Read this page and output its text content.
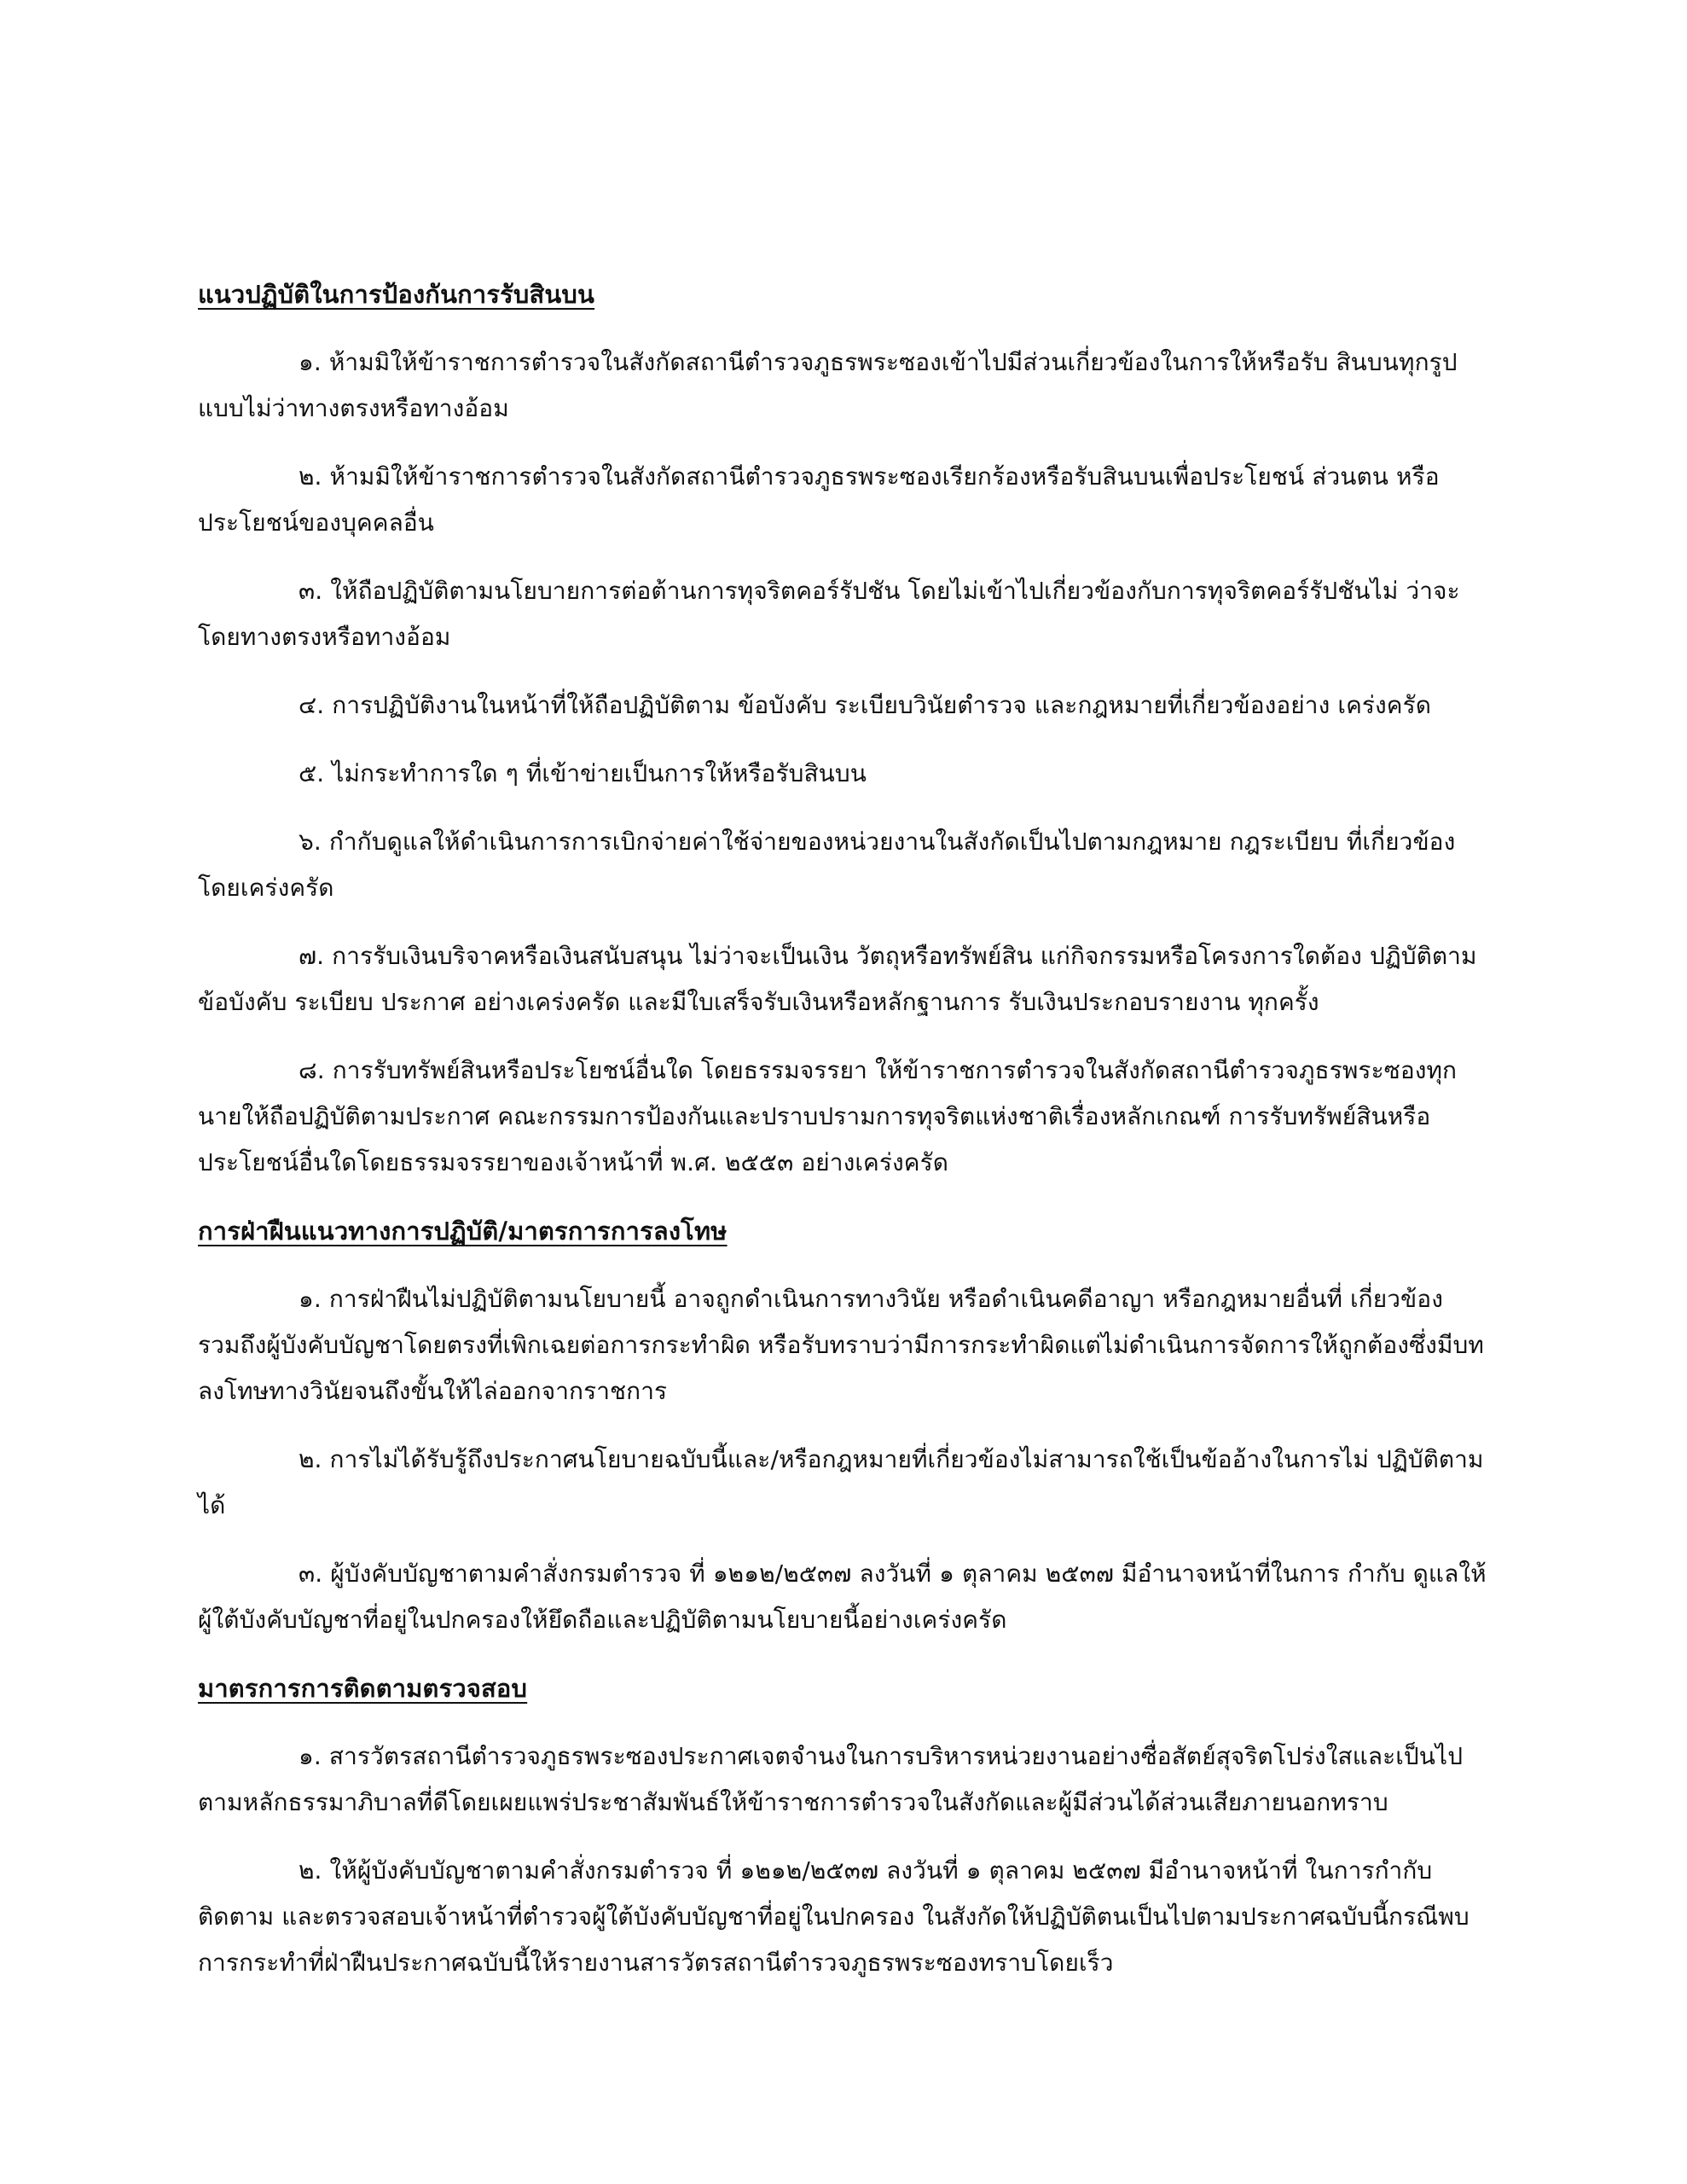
แนวปฏิบัติในการป้องกันการรับสินบน

๑. ห้ามมิให้ข้าราชการตำรวจในสังกัดสถานีตำรวจภูธรพระซองเข้าไปมีส่วนเกี่ยวข้องในการให้หรือรับ สินบนทุกรูปแบบไม่ว่าทางตรงหรือทางอ้อม

๒. ห้ามมิให้ข้าราชการตำรวจในสังกัดสถานีตำรวจภูธรพระซองเรียกร้องหรือรับสินบนเพื่อประโยชน์ ส่วนตน หรือประโยชน์ของบุคคลอื่น

๓. ให้ถือปฏิบัติตามนโยบายการต่อต้านการทุจริตคอร์รัปชัน โดยไม่เข้าไปเกี่ยวข้องกับการทุจริตคอร์รัปชันไม่ ว่าจะโดยทางตรงหรือทางอ้อม

๔. การปฏิบัติงานในหน้าที่ให้ถือปฏิบัติตาม ข้อบังคับ ระเบียบวินัยตำรวจ และกฎหมายที่เกี่ยวข้องอย่าง เคร่งครัด

๕. ไม่กระทำการใด ๆ ที่เข้าข่ายเป็นการให้หรือรับสินบน

๖. กำกับดูแลให้ดำเนินการการเบิกจ่ายค่าใช้จ่ายของหน่วยงานในสังกัดเป็นไปตามกฎหมาย กฎระเบียบ ที่เกี่ยวข้องโดยเคร่งครัด

๗. การรับเงินบริจาคหรือเงินสนับสนุน ไม่ว่าจะเป็นเงิน วัตถุหรือทรัพย์สิน แก่กิจกรรมหรือโครงการใดต้อง ปฏิบัติตามข้อบังคับ ระเบียบ ประกาศ อย่างเคร่งครัด และมีใบเสร็จรับเงินหรือหลักฐานการ รับเงินประกอบรายงาน ทุกครั้ง

๘. การรับทรัพย์สินหรือประโยชน์อื่นใด โดยธรรมจรรยา ให้ข้าราชการตำรวจในสังกัดสถานีตำรวจภูธรพระซองทุกนายให้ถือปฏิบัติตามประกาศ คณะกรรมการป้องกันและปราบปรามการทุจริตแห่งชาติเรื่องหลักเกณฑ์ การรับทรัพย์สินหรือประโยชน์อื่นใดโดยธรรมจรรยาของเจ้าหน้าที่ พ.ศ. ๒๕๕๓ อย่างเคร่งครัด

การฝ่าฝืนแนวทางการปฏิบัติ/มาตรการการลงโทษ

๑. การฝ่าฝืนไม่ปฏิบัติตามนโยบายนี้ อาจถูกดำเนินการทางวินัย หรือดำเนินคดีอาญา หรือกฎหมายอื่นที่ เกี่ยวข้อง รวมถึงผู้บังคับบัญชาโดยตรงที่เพิกเฉยต่อการกระทำผิด หรือรับทราบว่ามีการกระทำผิดแต่ไม่ดำเนินการจัดการให้ถูกต้องซึ่งมีบทลงโทษทางวินัยจนถึงขั้นให้ไล่ออกจากราชการ

๒. การไม่ได้รับรู้ถึงประกาศนโยบายฉบับนี้และ/หรือกฎหมายที่เกี่ยวข้องไม่สามารถใช้เป็นข้ออ้างในการไม่ ปฏิบัติตามได้

๓. ผู้บังคับบัญชาตามคำสั่งกรมตำรวจ ที่ ๑๒๑๒/๒๕๓๗ ลงวันที่ ๑ ตุลาคม ๒๕๓๗ มีอำนาจหน้าที่ในการ กำกับ ดูแลให้ผู้ใต้บังคับบัญชาที่อยู่ในปกครองให้ยึดถือและปฏิบัติตามนโยบายนี้อย่างเคร่งครัด

มาตรการการติดตามตรวจสอบ

๑. สารวัตรสถานีตำรวจภูธรพระซองประกาศเจตจำนงในการบริหารหน่วยงานอย่างซื่อสัตย์สุจริตโปร่งใสและเป็นไปตามหลักธรรมาภิบาลที่ดีโดยเผยแพร่ประชาสัมพันธ์ให้ข้าราชการตำรวจในสังกัดและผู้มีส่วนได้ส่วนเสียภายนอกทราบ

๒. ให้ผู้บังคับบัญชาตามคำสั่งกรมตำรวจ ที่ ๑๒๑๒/๒๕๓๗ ลงวันที่ ๑ ตุลาคม ๒๕๓๗ มีอำนาจหน้าที่ ในการกำกับ ติดตาม และตรวจสอบเจ้าหน้าที่ตำรวจผู้ใต้บังคับบัญชาที่อยู่ในปกครอง ในสังกัดให้ปฏิบัติตนเป็นไปตามประกาศฉบับนี้กรณีพบการกระทำที่ฝ่าฝืนประกาศฉบับนี้ให้รายงานสารวัตรสถานีตำรวจภูธรพระซองทราบโดยเร็ว
